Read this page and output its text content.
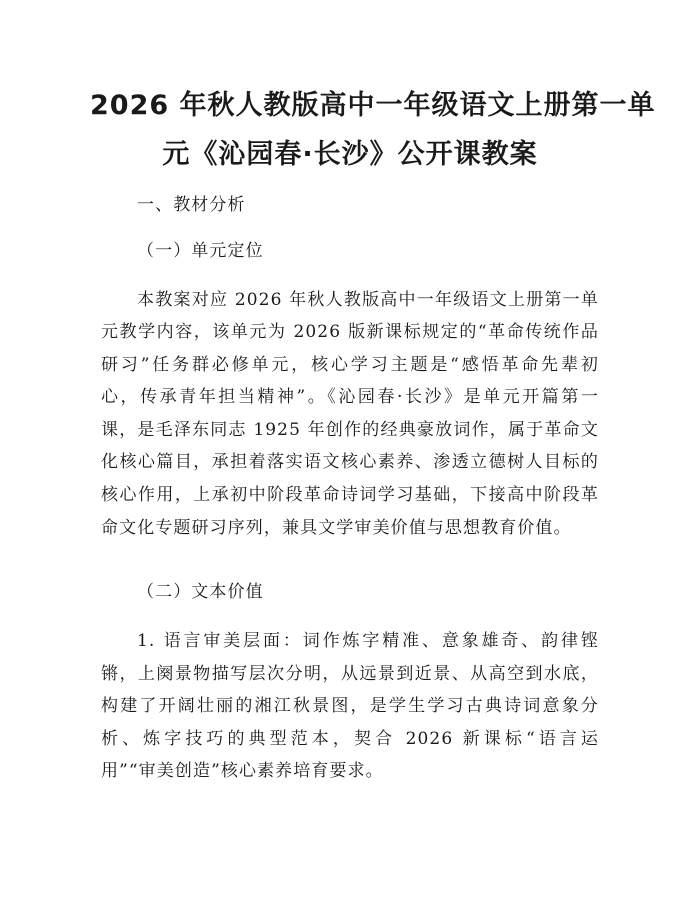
2026 年秋人教版高中一年级语文上册第一单
元《沁园春·长沙》公开课教案
一、教材分析
（一）单元定位
本教案对应 2026 年秋人教版高中一年级语文上册第一单
元教学内容，该单元为 2026 版新课标规定的“革命传统作品
研习”任务群必修单元，核心学习主题是“感悟革命先辈初
心，传承青年担当精神”。《沁园春·长沙》是单元开篇第一
课，是毛泽东同志 1925 年创作的经典豪放词作，属于革命文
化核心篇目，承担着落实语文核心素养、渗透立德树人目标的
核心作用，上承初中阶段革命诗词学习基础，下接高中阶段革
命文化专题研习序列，兼具文学审美价值与思想教育价值。
（二）文本价值
1. 语言审美层面：词作炼字精准、意象雄奇、韵律铿
锵，上阕景物描写层次分明，从远景到近景、从高空到水底，
构建了开阔壮丽的湘江秋景图，是学生学习古典诗词意象分
析、炼字技巧的典型范本，契合 2026 新课标“语言运
用”“审美创造”核心素养培育要求。
